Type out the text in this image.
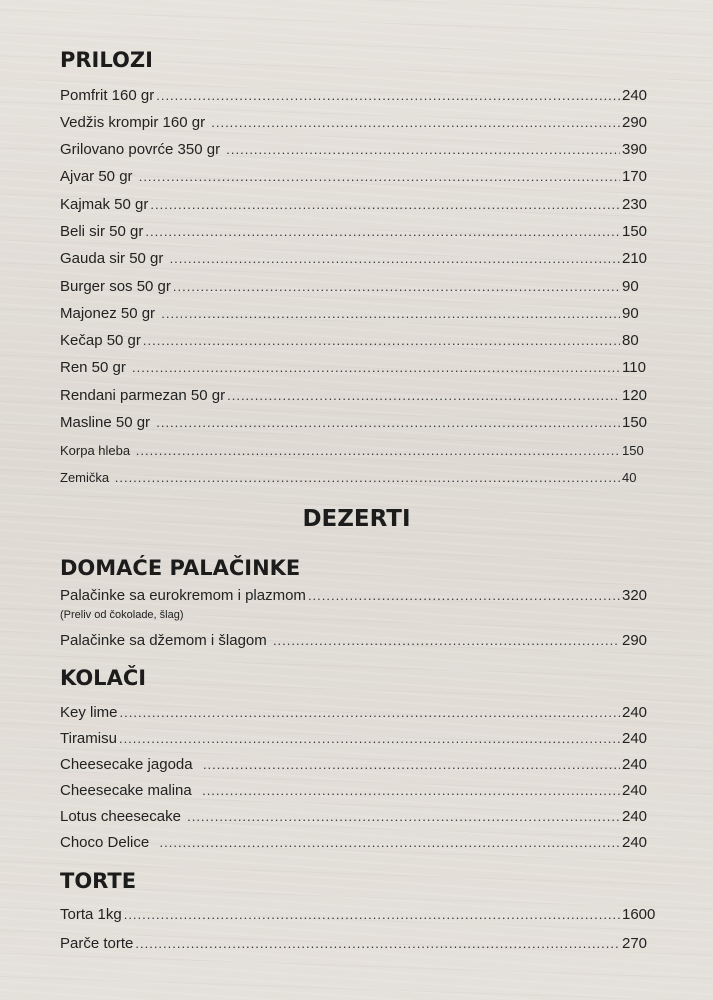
PRILOZI
Pomfrit 160 gr .....	240
Vedžis krompir 160 gr .....	290
Grilovano povrće 350 gr .....	390
Ajvar 50 gr .....	170
Kajmak 50 gr .....	230
Beli sir 50 gr .....	150
Gauda sir 50 gr .....	210
Burger sos 50 gr .....	90
Majonez 50 gr .....	90
Kečap 50 gr .....	80
Ren 50 gr .....	110
Rendani parmezan 50 gr .....	120
Masline 50 gr .....	150
Korpa hleba .....	150
Zemička .....	40
DEZERTI
DOMAĆE PALAČINKE
Palačinke sa eurokremom i plazmom .....	320
(Preliv od čokolade, šlag)
Palačinke sa džemom i šlagom .....	290
KOLAČI
Key lime .....	240
Tiramisu .....	240
Cheesecake jagoda .....	240
Cheesecake malina .....	240
Lotus cheesecake .....	240
Choco Delice .....	240
TORTE
Torta 1kg .....	1600
Parče torte .....	270
